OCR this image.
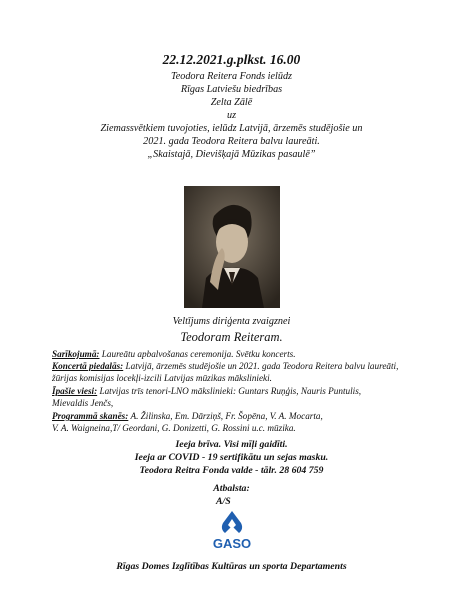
22.12.2021.g.plkst. 16.00
Teodora Reitera Fonds ielūdz
Rīgas Latviešu biedrības
Zelta Zālē
uz
Ziemassvētkiem tuvojoties, ielūdz Latvijā, ārzemēs studējošie un
2021. gada Teodora Reitera balvu laureāti.
„Skaistajā, Dievišķajā Mūzikas pasaulē”
Veltījums diriģenta zvaigznei
Teodoram Reiteram.
Sarīkojumā: Laureātu apbalvošanas ceremonija. Svētku koncerts.
Koncertā piedalās: Latvijā, ārzemēs studējošie un 2021. gada Teodora Reitera balvu laureāti,
žūrijas komisijas locekļi-izcili Latvijas mūzikas mākslinieki.
Īpašie viesi: Latvijas trīs tenori-LNO mākslinieki: Guntars Ruņģis, Nauris Puntulis,
Mievaldis Jenčs,
Programmā skanēs: A. Žilinska, Em. Dārziņš, Fr. Šopēna, V. A. Mocarta,
V. A. Waigneina,T/ Geordani, G. Donizetti, G. Rossini u.c. mūzika.
Ieeja brīva. Visi mīļi gaidīti.
Ieeja ar COVID - 19 sertifikātu un sejas masku.
Teodora Reitra Fonda valde - tālr. 28 604 759
Atbalsta:
A/S
GASO
Rīgas Domes Izglītības Kultūras un sporta Departaments
